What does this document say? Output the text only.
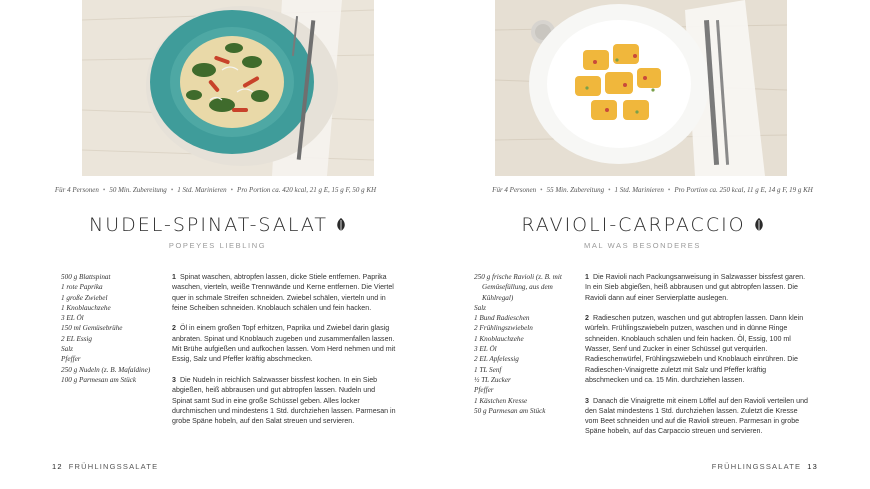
Für 4 Personen • 50 Min. Zubereitung • 1 Std. Marinieren • Pro Portion ca. 420 kcal, 21 g E, 15 g F, 50 g KH
NUDEL-SPINAT-SALAT
POPEYES LIEBLING
500 g Blattspinat
1 rote Paprika
1 große Zwiebel
1 Knoblauchzehe
3 EL Öl
150 ml Gemüsebrühe
2 EL Essig
Salz
Pfeffer
250 g Nudeln (z. B. Mafaldine)
100 g Parmesan am Stück
1 Spinat waschen, abtropfen lassen, dicke Stiele entfernen. Paprika waschen, vierteln, weiße Trennwände und Kerne entfernen. Die Viertel quer in schmale Streifen schneiden. Zwiebel schälen, vierteln und in feine Scheiben schneiden. Knoblauch schälen und fein hacken.
2 Öl in einem großen Topf erhitzen, Paprika und Zwiebel darin glasig anbraten. Spinat und Knoblauch zugeben und zusammenfallen lassen. Mit Brühe aufgießen und aufkochen lassen. Vom Herd nehmen und mit Essig, Salz und Pfeffer kräftig abschmecken.
3 Die Nudeln in reichlich Salzwasser bissfest kochen. In ein Sieb abgießen, heiß abbrausen und gut abtropfen lassen. Nudeln und Spinat samt Sud in eine große Schüssel geben. Alles locker durchmischen und mindestens 1 Std. durchziehen lassen. Parmesan in grobe Späne hobeln, auf den Salat streuen und servieren.
12 FRÜHLINGSSALATE
Für 4 Personen • 55 Min. Zubereitung • 1 Std. Marinieren • Pro Portion ca. 250 kcal, 11 g E, 14 g F, 19 g KH
RAVIOLI-CARPACCIO
MAL WAS BESONDERES
250 g frische Ravioli (z. B. mit
Gemüsefüllung, aus dem
Kühlregal)
Salz
1 Bund Radieschen
2 Frühlingszwiebeln
1 Knoblauchzehe
3 EL Öl
2 EL Apfelessig
1 TL Senf
½ TL Zucker
Pfeffer
1 Kästchen Kresse
50 g Parmesan am Stück
1 Die Ravioli nach Packungsanweisung in Salzwasser bissfest garen. In ein Sieb abgießen, heiß abbrausen und gut abtropfen lassen. Die Ravioli dann auf einer Servierplatte auslegen.
2 Radieschen putzen, waschen und gut abtropfen lassen. Dann klein würfeln. Frühlingszwiebeln putzen, waschen und in dünne Ringe schneiden. Knoblauch schälen und fein hacken. Öl, Essig, 100 ml Wasser, Senf und Zucker in einer Schüssel gut verquirlen. Radieschenwürfel, Frühlingszwiebeln und Knoblauch einrühren. Die Radieschen-Vinaigrette zuletzt mit Salz und Pfeffer kräftig abschmecken und ca. 15 Min. durchziehen lassen.
3 Danach die Vinaigrette mit einem Löffel auf den Ravioli verteilen und den Salat mindestens 1 Std. durchziehen lassen. Zuletzt die Kresse vom Beet schneiden und auf die Ravioli streuen. Parmesan in grobe Späne hobeln, auf das Carpaccio streuen und servieren.
FRÜHLINGSSALATE 13
